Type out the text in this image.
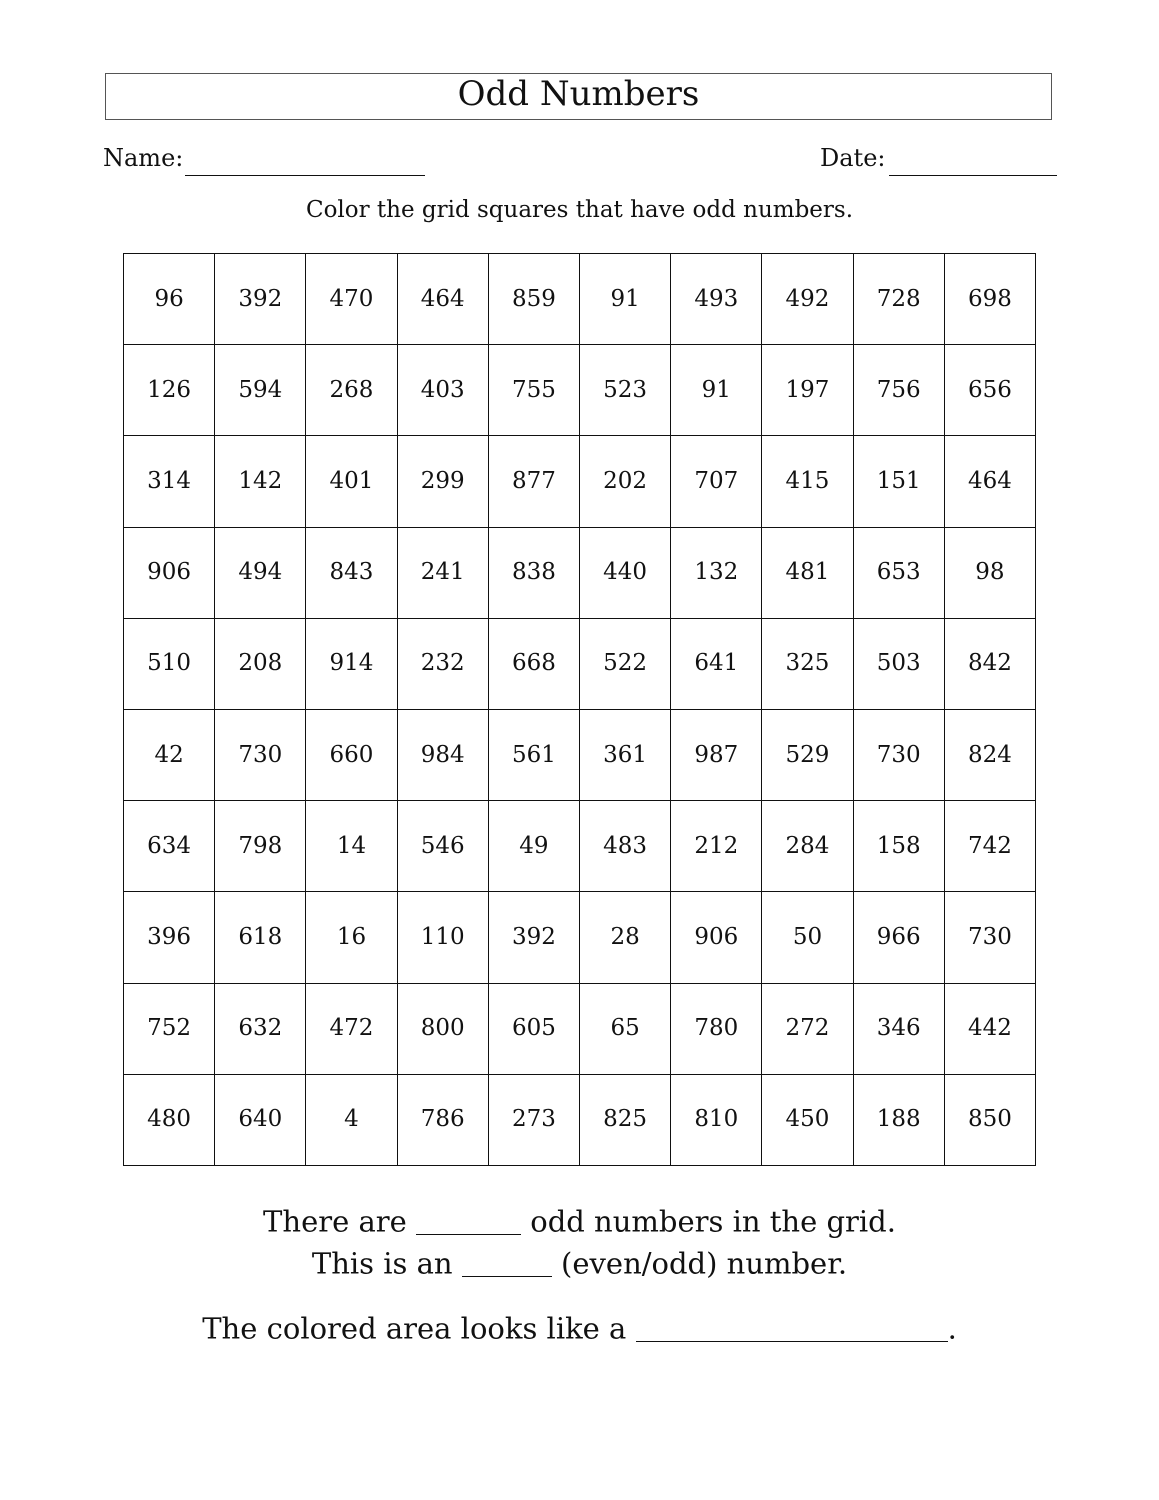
Odd Numbers
Name:	Date:
Color the grid squares that have odd numbers.
96	392	470	464	859	91	493	492	728	698
126	594	268	403	755	523	91	197	756	656
314	142	401	299	877	202	707	415	151	464
906	494	843	241	838	440	132	481	653	98
510	208	914	232	668	522	641	325	503	842
42	730	660	984	561	361	987	529	730	824
634	798	14	546	49	483	212	284	158	742
396	618	16	110	392	28	906	50	966	730
752	632	472	800	605	65	780	272	346	442
480	640	4	786	273	825	810	450	188	850
There are	odd numbers in the grid.
This is an	(even/odd) number.
The colored area looks like a	.
